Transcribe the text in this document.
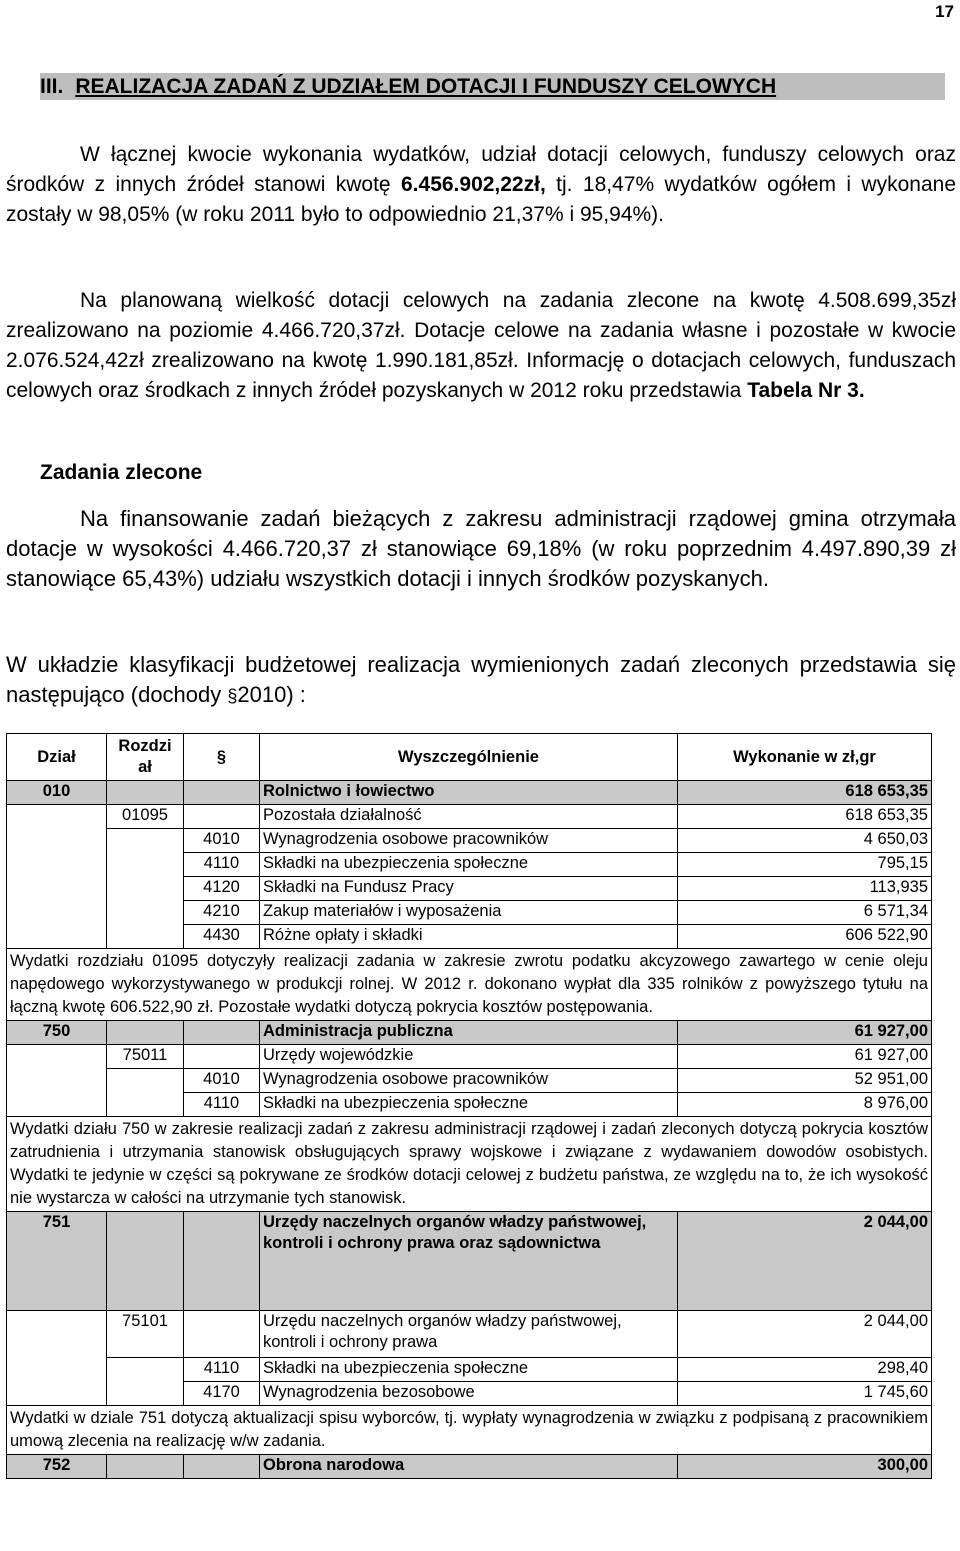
17
III. REALIZACJA ZADAŃ Z UDZIAŁEM DOTACJI I FUNDUSZY CELOWYCH
W łącznej kwocie wykonania wydatków, udział dotacji celowych, funduszy celowych oraz środków z innych źródeł stanowi kwotę 6.456.902,22zł, tj. 18,47% wydatków ogółem i wykonane zostały w 98,05% (w roku 2011 było to odpowiednio 21,37% i 95,94%).
Na planowaną wielkość dotacji celowych na zadania zlecone na kwotę 4.508.699,35zł zrealizowano na poziomie 4.466.720,37zł. Dotacje celowe na zadania własne i pozostałe w kwocie 2.076.524,42zł zrealizowano na kwotę 1.990.181,85zł. Informację o dotacjach celowych, funduszach celowych oraz środkach z innych źródeł pozyskanych w 2012 roku przedstawia Tabela Nr 3.
Zadania zlecone
Na finansowanie zadań bieżących z zakresu administracji rządowej gmina otrzymała dotacje w wysokości 4.466.720,37 zł stanowiące 69,18% (w roku poprzednim 4.497.890,39 zł stanowiące 65,43%) udziału wszystkich dotacji i innych środków pozyskanych.
W układzie klasyfikacji budżetowej realizacja wymienionych zadań zleconych przedstawia się następująco (dochody §2010) :
Dział	Rozdzi ał	§	Wyszczególnienie	Wykonanie w zł,gr
010			Rolnictwo i łowiectwo	618 653,35
	01095		Pozostała działalność	618 653,35
		4010	Wynagrodzenia osobowe pracowników	4 650,03
		4110	Składki na ubezpieczenia społeczne	795,15
		4120	Składki na Fundusz Pracy	113,935
		4210	Zakup materiałów i wyposażenia	6 571,34
		4430	Różne opłaty i składki	606 522,90
Wydatki rozdziału 01095 dotyczyły realizacji zadania w zakresie zwrotu podatku akcyzowego zawartego w cenie oleju napędowego wykorzystywanego w produkcji rolnej. W 2012 r. dokonano wypłat dla 335 rolników z powyższego tytułu na łączną kwotę 606.522,90 zł. Pozostałe wydatki dotyczą pokrycia kosztów postępowania.				
750			Administracja publiczna	61 927,00
	75011		Urzędy wojewódzkie	61 927,00
		4010	Wynagrodzenia osobowe pracowników	52 951,00
		4110	Składki na ubezpieczenia społeczne	8 976,00
Wydatki działu 750 w zakresie realizacji zadań z zakresu administracji rządowej i zadań zleconych dotyczą pokrycia kosztów zatrudnienia i utrzymania stanowisk obsługujących sprawy wojskowe i związane z wydawaniem dowodów osobistych. Wydatki te jedynie w części są pokrywane ze środków dotacji celowej z budżetu państwa, ze względu na to, że ich wysokość nie wystarcza w całości na utrzymanie tych stanowisk.				
751			Urzędy naczelnych organów władzy państwowej, kontroli i ochrony prawa oraz sądownictwa	2 044,00
	75101		Urzędu naczelnych organów władzy państwowej, kontroli i ochrony prawa	2 044,00
		4110	Składki na ubezpieczenia społeczne	298,40
		4170	Wynagrodzenia bezosobowe	1 745,60
Wydatki w dziale 751 dotyczą aktualizacji spisu wyborców, tj. wypłaty wynagrodzenia w związku z podpisaną z pracownikiem umową zlecenia na realizację w/w zadania.				
752			Obrona narodowa	300,00
